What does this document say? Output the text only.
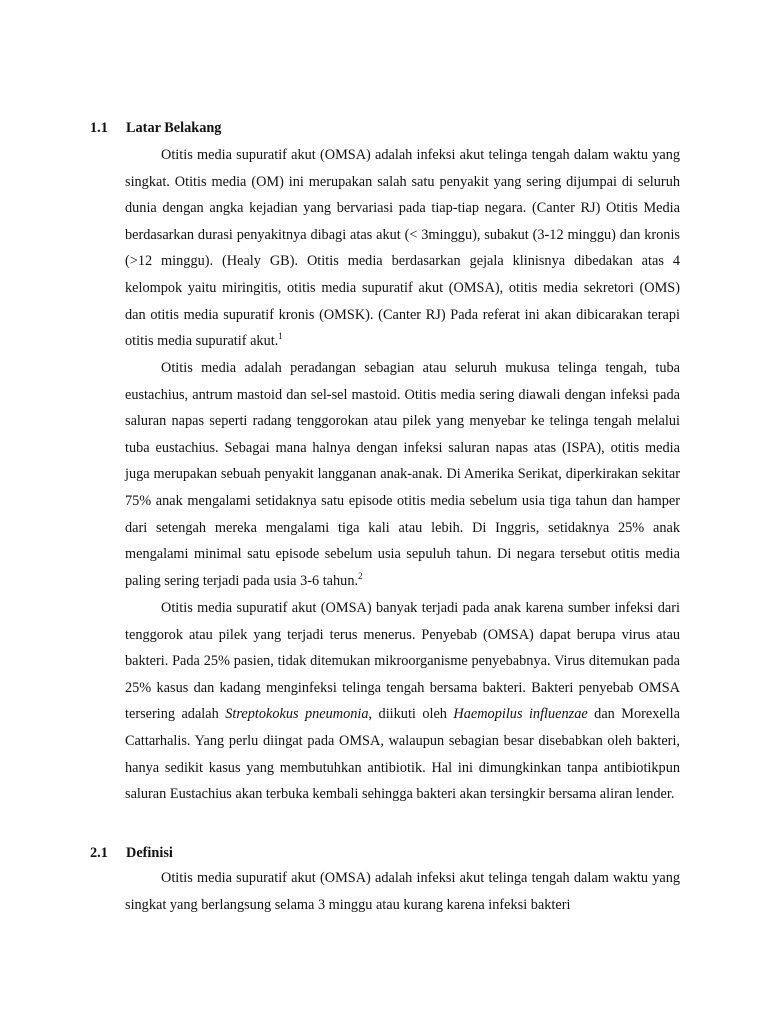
1.1 Latar Belakang
Otitis media supuratif akut (OMSA) adalah infeksi akut telinga tengah dalam waktu yang singkat. Otitis media (OM) ini merupakan salah satu penyakit yang sering dijumpai di seluruh dunia dengan angka kejadian yang bervariasi pada tiap-tiap negara. (Canter RJ) Otitis Media berdasarkan durasi penyakitnya dibagi atas akut (< 3minggu), subakut (3-12 minggu) dan kronis (>12 minggu). (Healy GB). Otitis media berdasarkan gejala klinisnya dibedakan atas 4 kelompok yaitu miringitis, otitis media supuratif akut (OMSA), otitis media sekretori (OMS) dan otitis media supuratif kronis (OMSK). (Canter RJ) Pada referat ini akan dibicarakan terapi otitis media supuratif akut.$^1$
Otitis media adalah peradangan sebagian atau seluruh mukusa telinga tengah, tuba eustachius, antrum mastoid dan sel-sel mastoid. Otitis media sering diawali dengan infeksi pada saluran napas seperti radang tenggorokan atau pilek yang menyebar ke telinga tengah melalui tuba eustachius. Sebagai mana halnya dengan infeksi saluran napas atas (ISPA), otitis media juga merupakan sebuah penyakit langganan anak-anak. Di Amerika Serikat, diperkirakan sekitar 75% anak mengalami setidaknya satu episode otitis media sebelum usia tiga tahun dan hamper dari setengah mereka mengalami tiga kali atau lebih. Di Inggris, setidaknya 25% anak mengalami minimal satu episode sebelum usia sepuluh tahun. Di negara tersebut otitis media paling sering terjadi pada usia 3-6 tahun.$^2$
Otitis media supuratif akut (OMSA) banyak terjadi pada anak karena sumber infeksi dari tenggorok atau pilek yang terjadi terus menerus. Penyebab (OMSA) dapat berupa virus atau bakteri. Pada 25% pasien, tidak ditemukan mikroorganisme penyebabnya. Virus ditemukan pada 25% kasus dan kadang menginfeksi telinga tengah bersama bakteri. Bakteri penyebab OMSA tersering adalah Streptokokus pneumonia, diikuti oleh Haemopilus influenzae dan Morexella Cattarhalis. Yang perlu diingat pada OMSA, walaupun sebagian besar disebabkan oleh bakteri, hanya sedikit kasus yang membutuhkan antibiotik. Hal ini dimungkinkan tanpa antibiotikpun saluran Eustachius akan terbuka kembali sehingga bakteri akan tersingkir bersama aliran lender.
2.1 Definisi
Otitis media supuratif akut (OMSA) adalah infeksi akut telinga tengah dalam waktu yang singkat yang berlangsung selama 3 minggu atau kurang karena infeksi bakteri
